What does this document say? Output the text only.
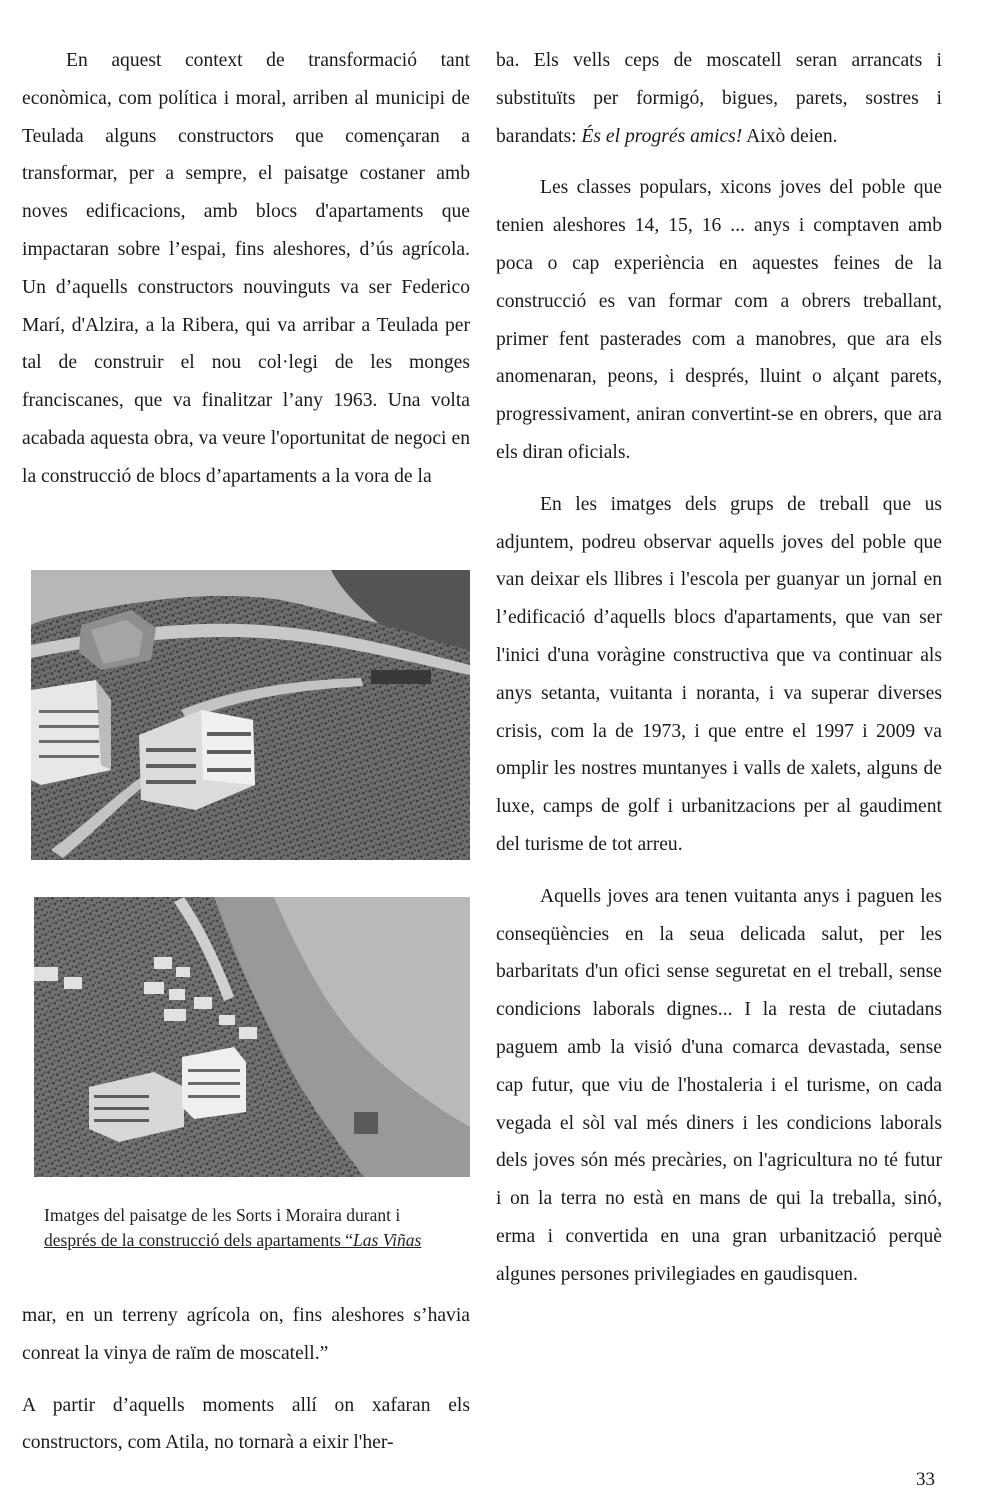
En aquest context de transformació tant econòmica, com política i moral, arriben al municipi de Teulada alguns constructors que començaran a transformar, per a sempre, el paisatge costaner amb noves edificacions, amb blocs d'apartaments que impactaran sobre l’espai, fins aleshores, d’ús agrícola. Un d’aquells constructors nouvinguts va ser Federico Marí, d'Alzira, a la Ribera, qui va arribar a Teulada per tal de construir el nou col·legi de les monges franciscanes, que va finalitzar l’any 1963. Una volta acabada aquesta obra, va veure l'oportunitat de negoci en la construcció de blocs d’apartaments a la vora de la

Imatges del paisatge de les Sorts i Moraira durant i
després de la construcció dels apartaments “Las Viñas

mar, en un terreny agrícola on, fins aleshores s’havia conreat la vinya de raïm de moscatell.”

A partir d’aquells moments allí on xafaran els constructors, com Atila, no tornarà a eixir l'her-

ba. Els vells ceps de moscatell seran arrancats i substituïts per formigó, bigues, parets, sostres i barandats: És el progrés amics! Això deien.

Les classes populars, xicons joves del poble que tenien aleshores 14, 15, 16 ... anys i comptaven amb poca o cap experiència en aquestes feines de la construcció es van formar com a obrers treballant, primer fent pasterades com a manobres, que ara els anomenaran, peons, i després, lluint o alçant parets, progressivament, aniran convertint-se en obrers, que ara els diran oficials.

En les imatges dels grups de treball que us adjuntem, podreu observar aquells joves del poble que van deixar els llibres i l'escola per guanyar un jornal en l’edificació d’aquells blocs d'apartaments, que van ser l'inici d'una voràgine constructiva que va continuar als anys setanta, vuitanta i noranta, i va superar diverses crisis, com la de 1973, i que entre el 1997 i 2009 va omplir les nostres muntanyes i valls de xalets, alguns de luxe, camps de golf i urbanitzacions per al gaudiment del turisme de tot arreu.

Aquells joves ara tenen vuitanta anys i paguen les conseqüències en la seua delicada salut, per les barbaritats d'un ofici sense seguretat en el treball, sense condicions laborals dignes... I la resta de ciutadans paguem amb la visió d'una comarca devastada, sense cap futur, que viu de l'hostaleria i el turisme, on cada vegada el sòl val més diners i les condicions laborals dels joves són més precàries, on l'agricultura no té futur i on la terra no està en mans de qui la treballa, sinó, erma i convertida en una gran urbanització perquè algunes persones privilegiades en gaudisquen.

33
